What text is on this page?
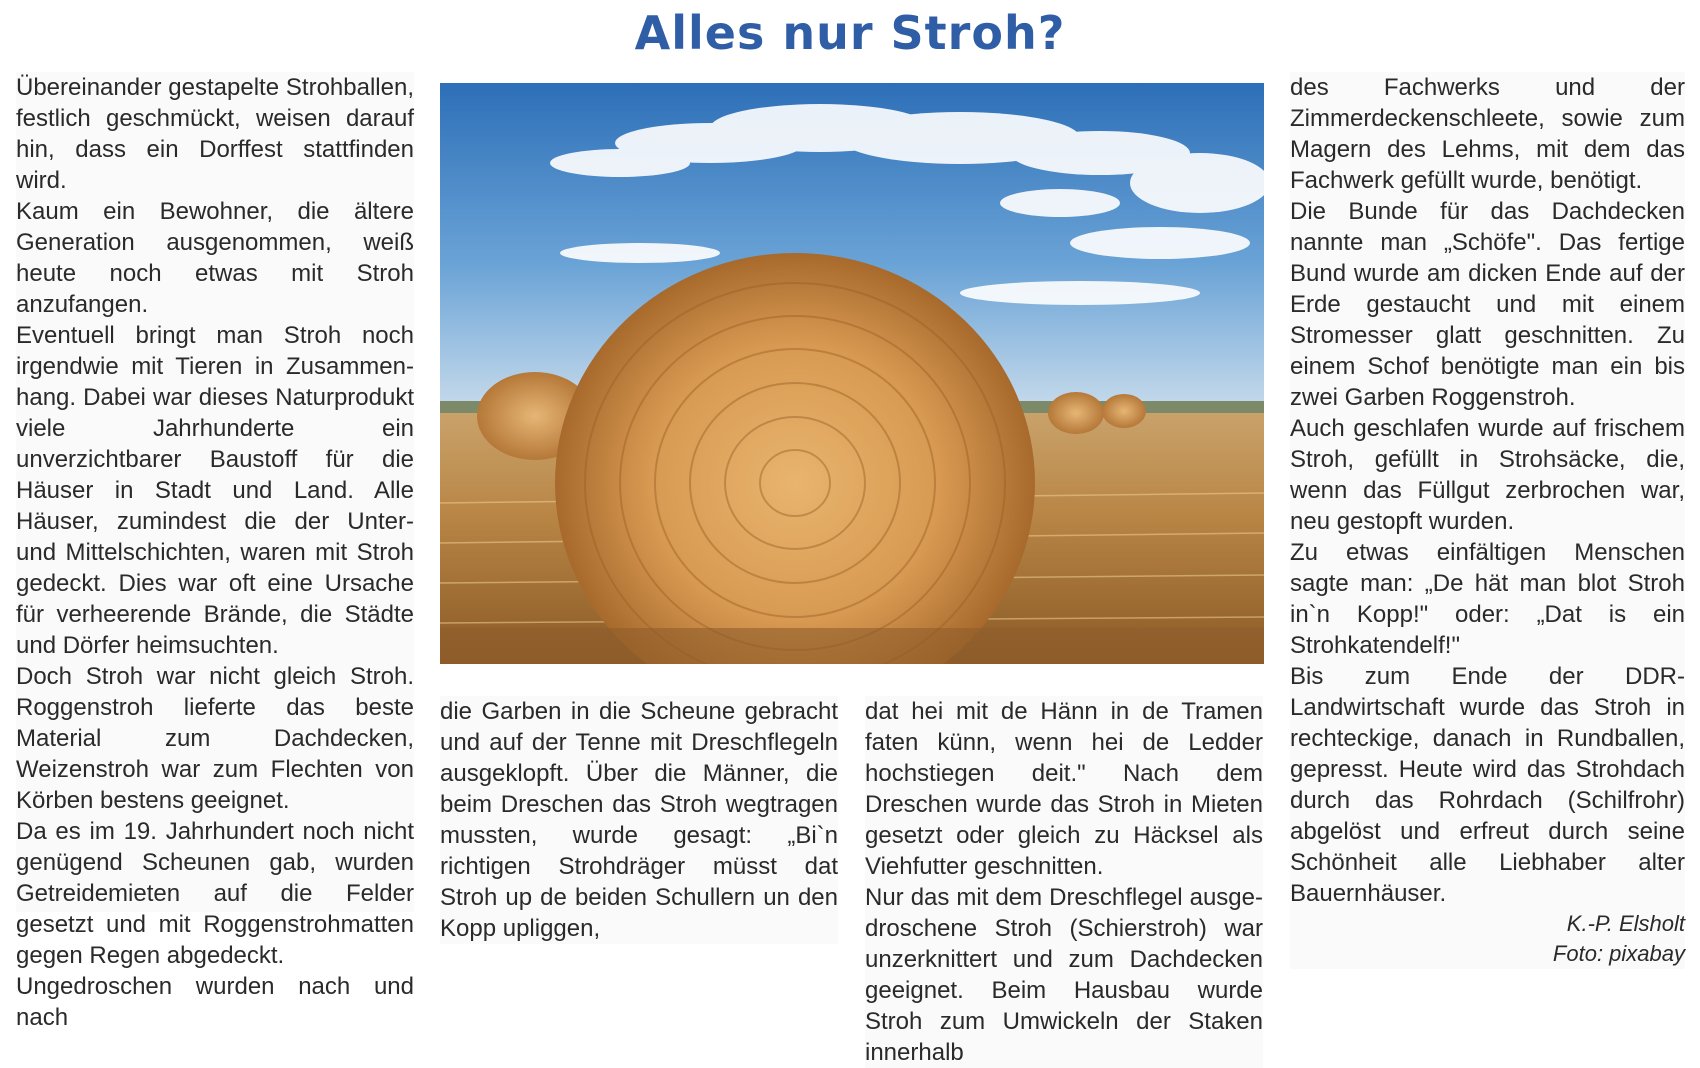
Alles nur Stroh?

Übereinander gestapelte Strohballen, festlich geschmückt, weisen darauf hin, dass ein Dorffest stattfinden wird.

Kaum ein Bewohner, die ältere Generation ausgenommen, weiß heute noch etwas mit Stroh anzufangen.

Eventuell bringt man Stroh noch irgendwie mit Tieren in Zusammenhang. Dabei war dieses Naturprodukt viele Jahrhunderte ein unverzichtbarer Baustoff für die Häuser in Stadt und Land. Alle Häuser, zumindest die der Unter- und Mittelschichten, waren mit Stroh gedeckt. Dies war oft eine Ursache für verheerende Brände, die Städte und Dörfer heimsuchten.

Doch Stroh war nicht gleich Stroh. Roggenstroh lieferte das beste Material zum Dachdecken, Weizenstroh war zum Flechten von Körben bestens geeignet.

Da es im 19. Jahrhundert noch nicht genügend Scheunen gab, wurden Getreidemieten auf die Felder gesetzt und mit Roggenstrohmatten gegen Regen abgedeckt.

Ungedroschen wurden nach und nach

die Garben in die Scheune gebracht und auf der Tenne mit Dreschflegeln ausgeklopft. Über die Männer, die beim Dreschen das Stroh wegtragen mussten, wurde gesagt: „Bi`n richtigen Strohdräger müsst dat Stroh up de beiden Schullern un den Kopp upliggen,

dat hei mit de Hänn in de Tramen faten künn, wenn hei de Ledder hochstiegen deit." Nach dem Dreschen wurde das Stroh in Mieten gesetzt oder gleich zu Häcksel als Viehfutter geschnitten.

Nur das mit dem Dreschflegel ausgedroschene Stroh (Schierstroh) war unzerknittert und zum Dachdecken geeignet. Beim Hausbau wurde Stroh zum Umwickeln der Staken innerhalb

des Fachwerks und der Zimmerdeckenschleete, sowie zum Magern des Lehms, mit dem das Fachwerk gefüllt wurde, benötigt.

Die Bunde für das Dachdecken nannte man „Schöfe". Das fertige Bund wurde am dicken Ende auf der Erde gestaucht und mit einem Stromesser glatt geschnitten. Zu einem Schof benötigte man ein bis zwei Garben Roggenstroh.

Auch geschlafen wurde auf frischem Stroh, gefüllt in Strohsäcke, die, wenn das Füllgut zerbrochen war, neu gestopft wurden.

Zu etwas einfältigen Menschen sagte man: „De hät man blot Stroh in`n Kopp!" oder: „Dat is ein Strohkatendelf!"

Bis zum Ende der DDR-Landwirtschaft wurde das Stroh in rechteckige, danach in Rundballen, gepresst. Heute wird das Strohdach durch das Rohrdach (Schilfrohr) abgelöst und erfreut durch seine Schönheit alle Liebhaber alter Bauernhäuser.

K.-P. Elsholt

Foto: pixabay
